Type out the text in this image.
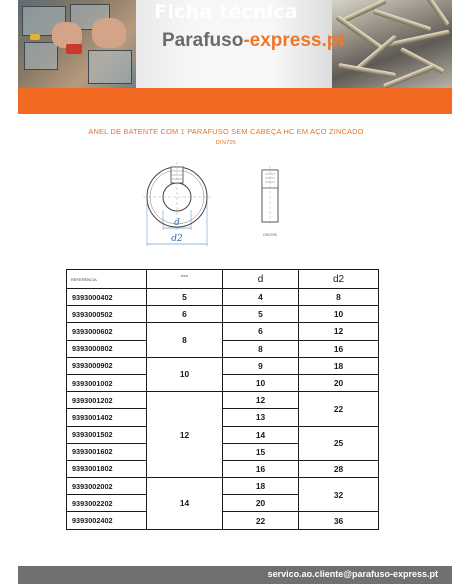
Parafuso-express.pt
Ficha técnica
ANEL DE BATENTE COM 1 PARAFUSO SEM CABEÇA HC EM AÇO ZINCADO
DIN705
d
d2	DIN705
REFERÊNCIA	mm	d	d2
9393000402	5	4	8
9393000502	6	5	10
9393000602	8	6	12
9393000802		8	16
9393000902	10	9	18
9393001002		10	20
9393001202	12	12	22
9393001402		13	
9393001502		14	25
9393001602		15	
9393001802		16	28
9393002002	14	18	32
9393002202		20	
9393002402		22	36
servico.ao.cliente@parafuso-express.pt
